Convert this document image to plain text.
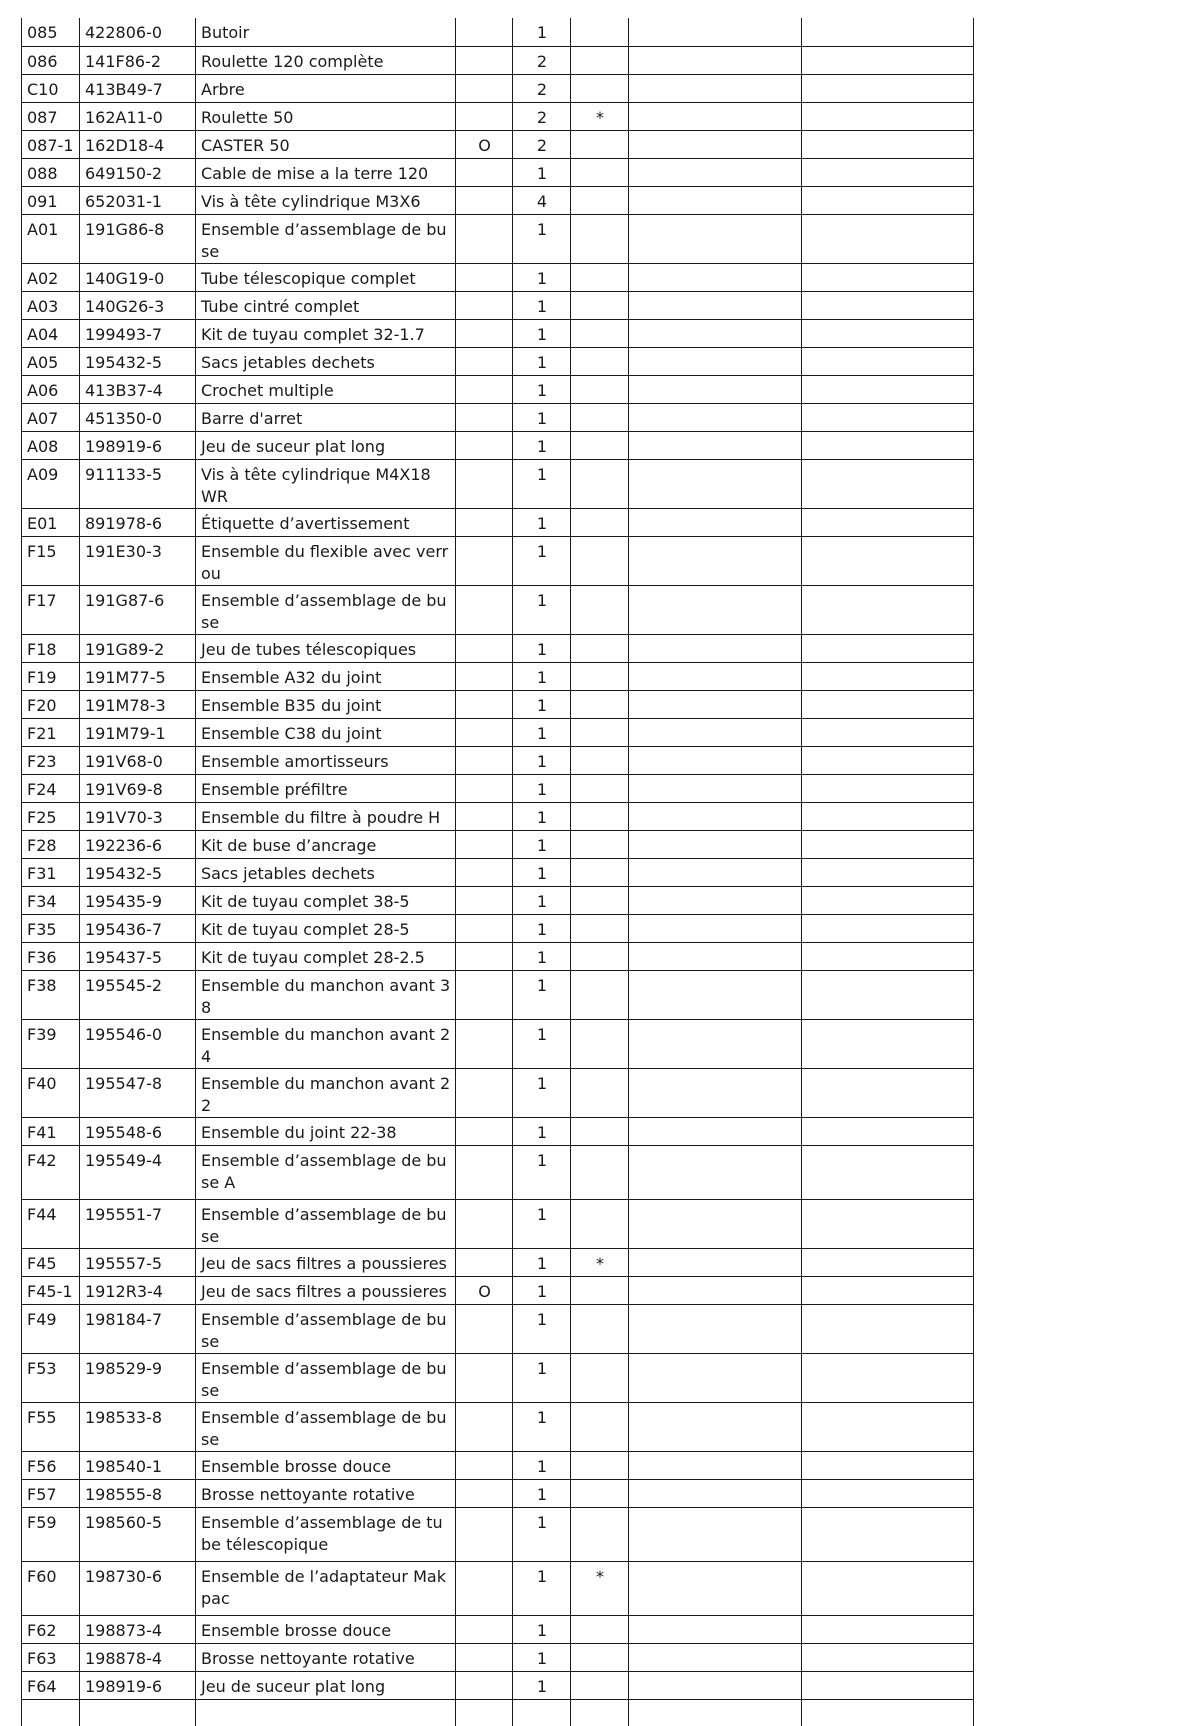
085	422806-0	Butoir		1			
086	141F86-2	Roulette 120 complète		2			
C10	413B49-7	Arbre		2			
087	162A11-0	Roulette 50		2	*		
087-1	162D18-4	CASTER 50	O	2			
088	649150-2	Cable de mise a la terre 120		1			
091	652031-1	Vis à tête cylindrique M3X6		4			
A01	191G86-8	Ensemble d’assemblage de buse		1			
A02	140G19-0	Tube télescopique complet		1			
A03	140G26-3	Tube cintré complet		1			
A04	199493-7	Kit de tuyau complet 32-1.7		1			
A05	195432-5	Sacs jetables dechets		1			
A06	413B37-4	Crochet multiple		1			
A07	451350-0	Barre d'arret		1			
A08	198919-6	Jeu de suceur plat long		1			
A09	911133-5	Vis à tête cylindrique M4X18 WR		1			
E01	891978-6	Étiquette d’avertissement		1			
F15	191E30-3	Ensemble du flexible avec verrou		1			
F17	191G87-6	Ensemble d’assemblage de buse		1			
F18	191G89-2	Jeu de tubes télescopiques		1			
F19	191M77-5	Ensemble A32 du joint		1			
F20	191M78-3	Ensemble B35 du joint		1			
F21	191M79-1	Ensemble C38 du joint		1			
F23	191V68-0	Ensemble amortisseurs		1			
F24	191V69-8	Ensemble préfiltre		1			
F25	191V70-3	Ensemble du filtre à poudre H		1			
F28	192236-6	Kit de buse d’ancrage		1			
F31	195432-5	Sacs jetables dechets		1			
F34	195435-9	Kit de tuyau complet 38-5		1			
F35	195436-7	Kit de tuyau complet 28-5		1			
F36	195437-5	Kit de tuyau complet 28-2.5		1			
F38	195545-2	Ensemble du manchon avant 38		1			
F39	195546-0	Ensemble du manchon avant 24		1			
F40	195547-8	Ensemble du manchon avant 22		1			
F41	195548-6	Ensemble du joint 22-38		1			
F42	195549-4	Ensemble d’assemblage de buse A		1			
F44	195551-7	Ensemble d’assemblage de buse		1			
F45	195557-5	Jeu de sacs filtres a poussieres		1	*		
F45-1	1912R3-4	Jeu de sacs filtres a poussieres	O	1			
F49	198184-7	Ensemble d’assemblage de buse		1			
F53	198529-9	Ensemble d’assemblage de buse		1			
F55	198533-8	Ensemble d’assemblage de buse		1			
F56	198540-1	Ensemble brosse douce		1			
F57	198555-8	Brosse nettoyante rotative		1			
F59	198560-5	Ensemble d’assemblage de tube télescopique		1			
F60	198730-6	Ensemble de l’adaptateur Makpac		1	*		
F62	198873-4	Ensemble brosse douce		1			
F63	198878-4	Brosse nettoyante rotative		1			
F64	198919-6	Jeu de suceur plat long		1			
